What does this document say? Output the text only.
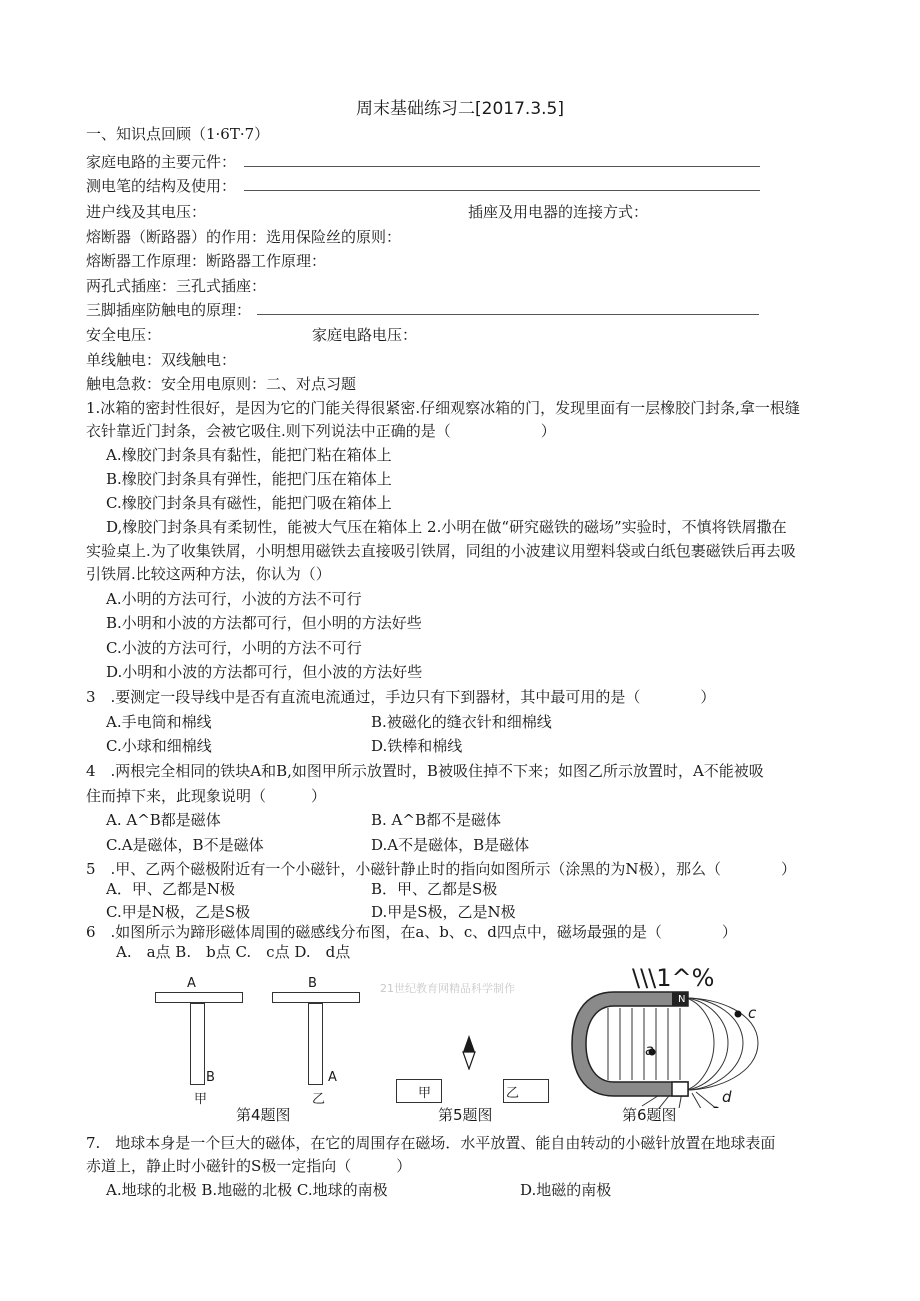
周末基础练习二[2017.3.5]
一、知识点回顾（1·6T·7）
家庭电路的主要元件：
测电笔的结构及使用：
进户线及其电压：	插座及用电器的连接方式：
熔断器（断路器）的作用：选用保险丝的原则：
熔断器工作原理：断路器工作原理：
两孔式插座：三孔式插座：
三脚插座防触电的原理：
安全电压：	家庭电路电压：
单线触电：双线触电：
触电急救：安全用电原则：二、对点习题
1.冰箱的密封性很好，是因为它的门能关得很紧密.仔细观察冰箱的门，发现里面有一层橡胶门封条,拿一根缝
衣针靠近门封条，会被它吸住.则下列说法中正确的是（　　　　　　）
A.橡胶门封条具有黏性，能把门粘在箱体上
B.橡胶门封条具有弹性，能把门压在箱体上
C.橡胶门封条具有磁性，能把门吸在箱体上
D,橡胶门封条具有柔韧性，能被大气压在箱体上 2.小明在做“研究磁铁的磁场”实验时，不慎将铁屑撒在
实验桌上.为了收集铁屑，小明想用磁铁去直接吸引铁屑，同组的小波建议用塑料袋或白纸包裹磁铁后再去吸
引铁屑.比较这两种方法，你认为（）
A.小明的方法可行，小波的方法不可行
B.小明和小波的方法都可行，但小明的方法好些
C.小波的方法可行，小明的方法不可行
D.小明和小波的方法都可行，但小波的方法好些
3　.要测定一段导线中是否有直流电流通过，手边只有下到器材，其中最可用的是（　　　　）
A.手电筒和棉线	B.被磁化的缝衣针和细棉线
C.小球和细棉线	D.铁棒和棉线
4　.两根完全相同的铁块A和B,如图甲所示放置时，B被吸住掉不下来；如图乙所示放置时，A不能被吸
住而掉下来，此现象说明（　　　）
A. A^B都是磁体	B. A^B都不是磁体
C.A是磁体，B不是磁体	D.A不是磁体，B是磁体
5　.甲、乙两个磁极附近有一个小磁针，小磁针静止时的指向如图所示（涂黑的为N极），那么（　　　　）
A．甲、乙都是N极	B．甲、乙都是S极
C.甲是N极，乙是S极	D.甲是S极，乙是N极
6　.如图所示为蹄形磁体周围的磁感线分布图，在a、b、c、d四点中，磁场最强的是（　　　　）
A.　a点 B.　b点 C.　c点 D.　d点
A
B
甲
B
A
乙
第4题图
甲	乙
第5题图
21世纪教育网精品科学制作	\\\1^%
N
c
a
d
第6题图
7.　地球本身是一个巨大的磁体，在它的周围存在磁场．水平放置、能自由转动的小磁针放置在地球表面
赤道上，静止时小磁针的S极一定指向（　　　）
A.地球的北极 B.地磁的北极 C.地球的南极	D.地磁的南极
